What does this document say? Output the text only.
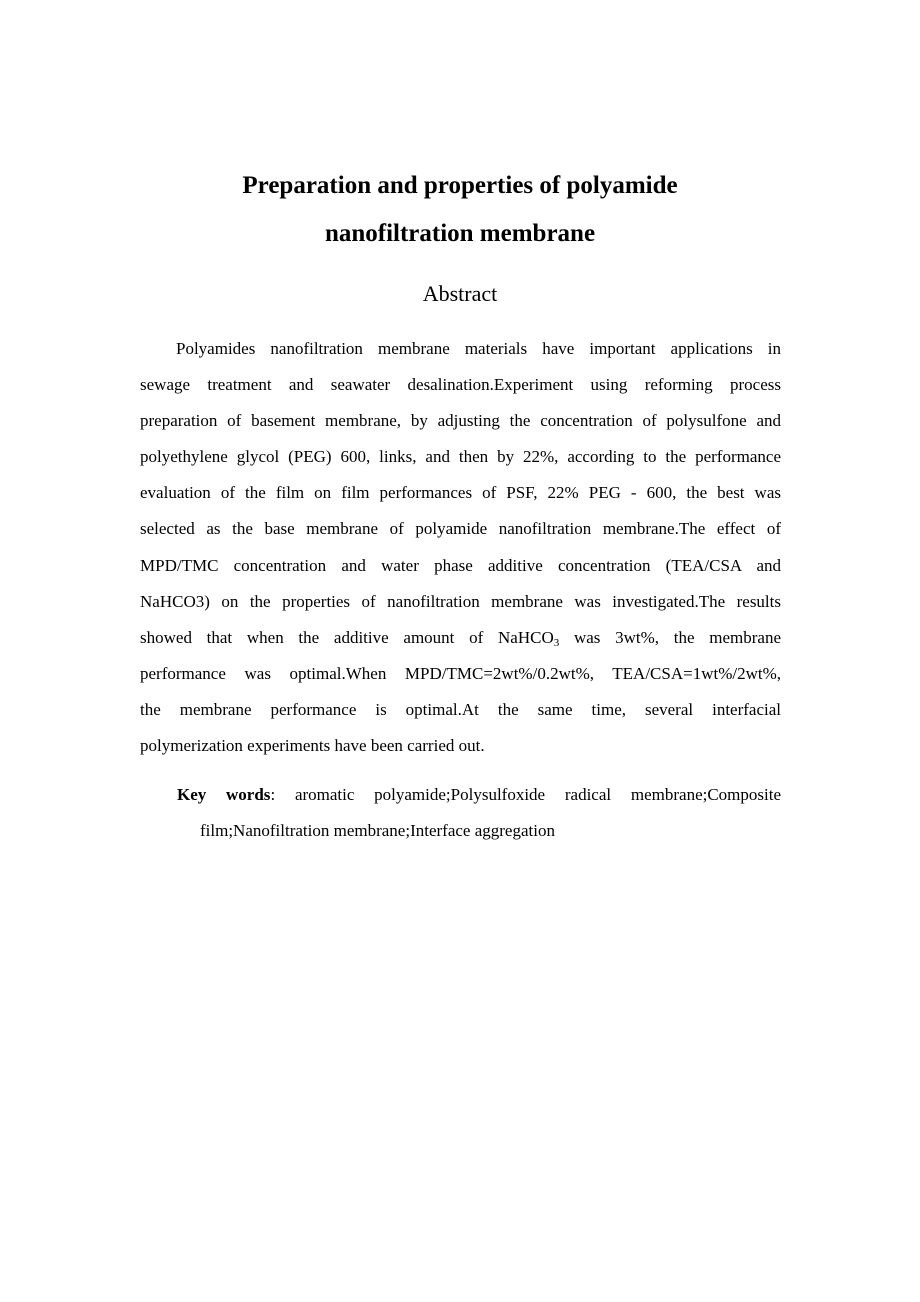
Preparation and properties of polyamide
nanofiltration membrane
Abstract
Polyamides nanofiltration membrane materials have important applications in
sewage treatment and seawater desalination.Experiment using reforming process
preparation of basement membrane, by adjusting the concentration of polysulfone and
polyethylene glycol (PEG) 600, links, and then by 22%, according to the performance
evaluation of the film on film performances of PSF, 22% PEG - 600, the best was
selected as the base membrane of polyamide nanofiltration membrane.The effect of
MPD/TMC concentration and water phase additive concentration (TEA/CSA and
NaHCO3) on the properties of nanofiltration membrane was investigated.The results
showed that when the additive amount of NaHCO$_3$ was 3wt%, the membrane
performance was optimal.When MPD/TMC=2wt%/0.2wt%, TEA/CSA=1wt%/2wt%,
the membrane performance is optimal.At the same time, several interfacial
polymerization experiments have been carried out.
Key words: aromatic polyamide;Polysulfoxide radical membrane;Composite
film;Nanofiltration membrane;Interface aggregation
